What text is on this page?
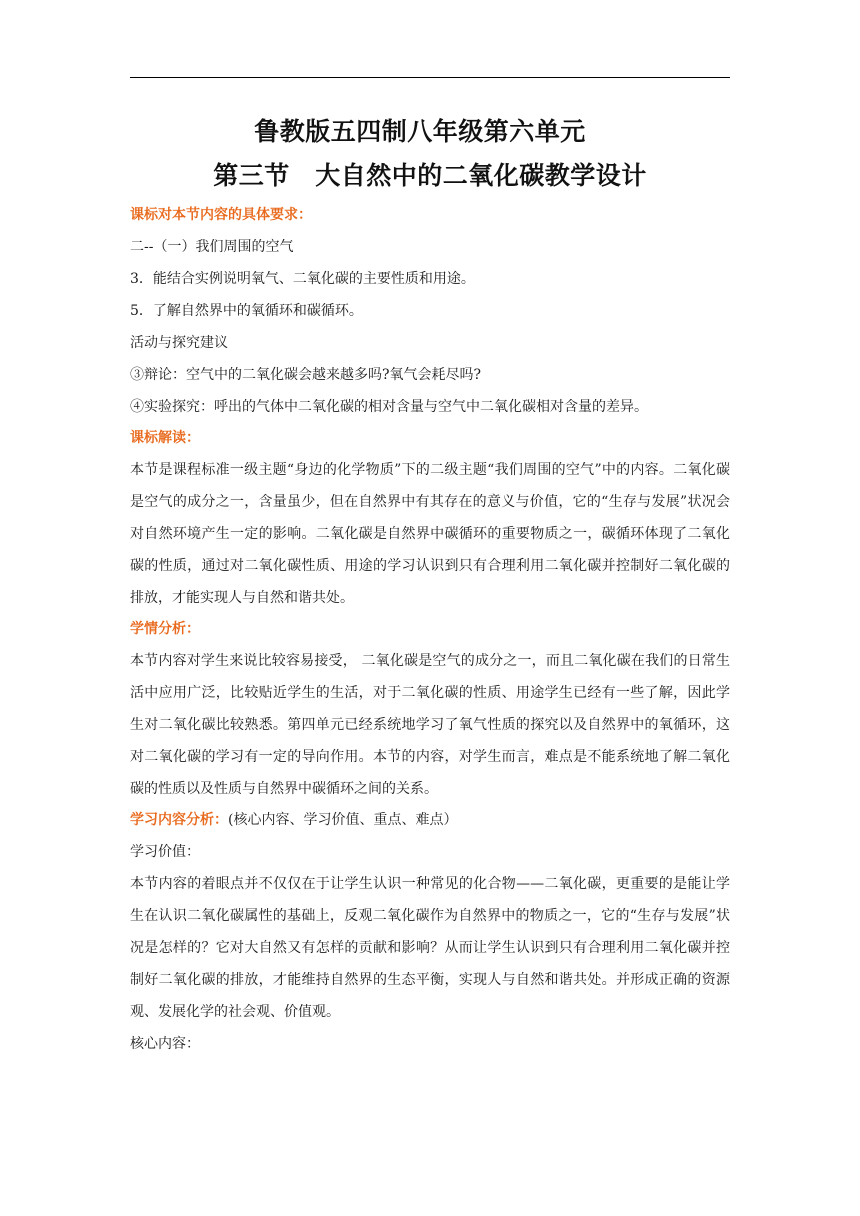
鲁教版五四制八年级第六单元
第三节　大自然中的二氧化碳教学设计
课标对本节内容的具体要求：
二--（一）我们周围的空气
3．能结合实例说明氧气、二氧化碳的主要性质和用途。
5．了解自然界中的氧循环和碳循环。
活动与探究建议
③辩论：空气中的二氧化碳会越来越多吗?氧气会耗尽吗?
④实验探究：呼出的气体中二氧化碳的相对含量与空气中二氧化碳相对含量的差异。
课标解读：

本节是课程标准一级主题“身边的化学物质”下的二级主题“我们周围的空气”中的内容。二氧化碳是空气的成分之一，含量虽少，但在自然界中有其存在的意义与价值，它的“生存与发展”状况会对自然环境产生一定的影响。二氧化碳是自然界中碳循环的重要物质之一，碳循环体现了二氧化碳的性质，通过对二氧化碳性质、用途的学习认识到只有合理利用二氧化碳并控制好二氧化碳的排放，才能实现人与自然和谐共处。

学情分析：

本节内容对学生来说比较容易接受， 二氧化碳是空气的成分之一，而且二氧化碳在我们的日常生活中应用广泛，比较贴近学生的生活，对于二氧化碳的性质、用途学生已经有一些了解，因此学生对二氧化碳比较熟悉。第四单元已经系统地学习了氧气性质的探究以及自然界中的氧循环，这对二氧化碳的学习有一定的导向作用。本节的内容，对学生而言，难点是不能系统地了解二氧化碳的性质以及性质与自然界中碳循环之间的关系。

学习内容分析：(核心内容、学习价值、重点、难点）
学习价值：

本节内容的着眼点并不仅仅在于让学生认识一种常见的化合物——二氧化碳，更重要的是能让学生在认识二氧化碳属性的基础上，反观二氧化碳作为自然界中的物质之一，它的“生存与发展”状况是怎样的？它对大自然又有怎样的贡献和影响？从而让学生认识到只有合理利用二氧化碳并控制好二氧化碳的排放，才能维持自然界的生态平衡，实现人与自然和谐共处。并形成正确的资源观、发展化学的社会观、价值观。

核心内容：
